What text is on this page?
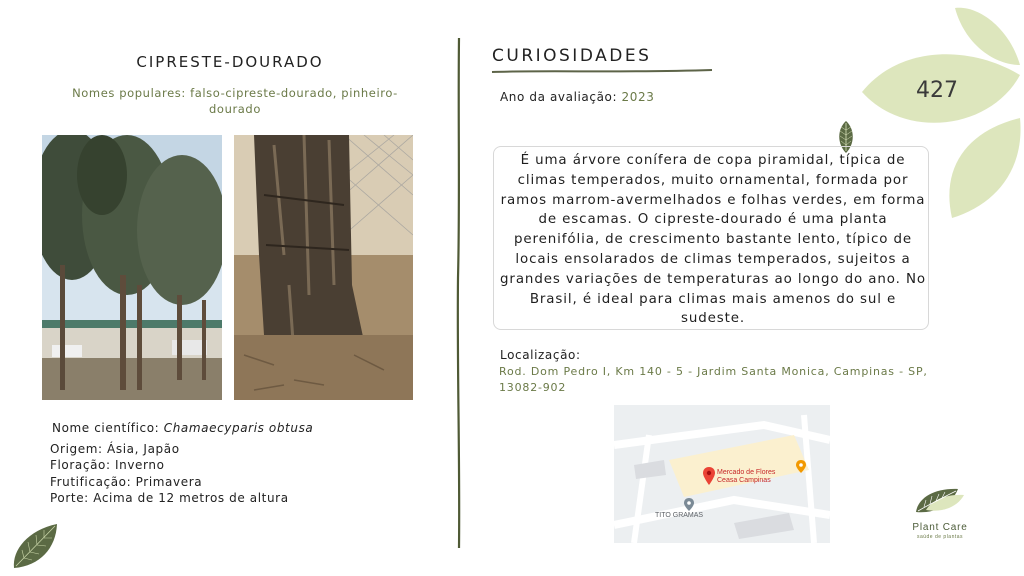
427
CIPRESTE-DOURADO
Nomes populares: falso-cipreste-dourado, pinheiro-dourado
Nome científico: Chamaecyparis obtusa
Origem: Ásia, Japão
Floração: Inverno
Frutificação: Primavera
Porte: Acima de 12 metros de altura
CURIOSIDADES
Ano da avaliação: 2023
É uma árvore conífera de copa piramidal, típica de climas temperados, muito ornamental, formada por ramos marrom-avermelhados e folhas verdes, em forma de escamas. O cipreste-dourado é uma planta perenifólia, de crescimento bastante lento, típico de locais ensolarados de climas temperados, sujeitos a grandes variações de temperaturas ao longo do ano. No Brasil, é ideal para climas mais amenos do sul e sudeste.
Localização:
Rod. Dom Pedro I, Km 140 - 5 - Jardim Santa Monica, Campinas - SP, 13082-902
Mercado de Flores
Ceasa Campinas
TITO GRAMAS
Plant Care
saúde de plantas
